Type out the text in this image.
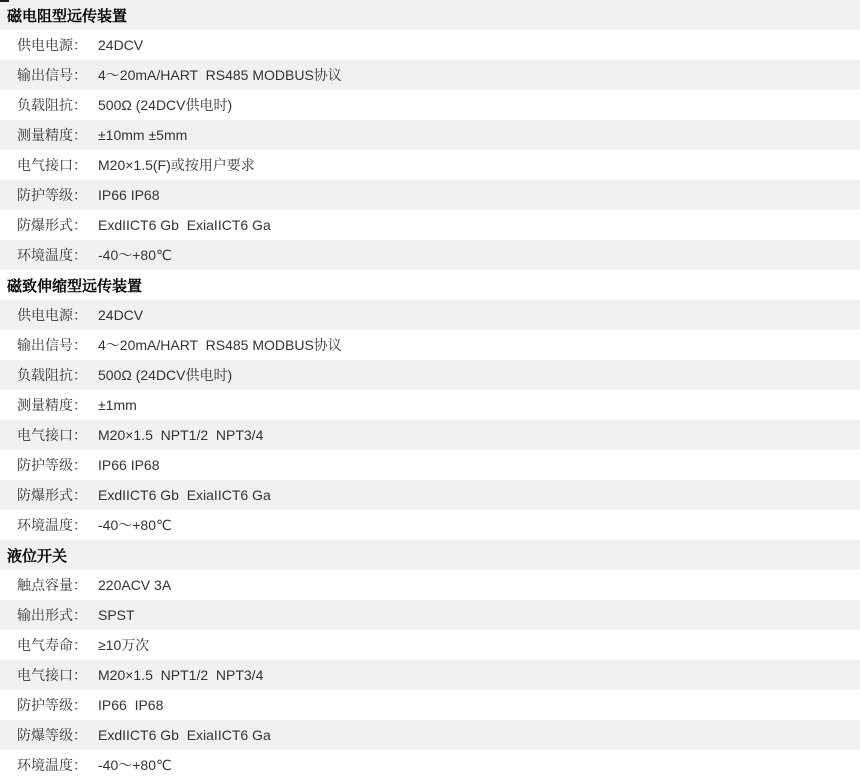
磁电阻型远传装置
供电电源： 24DCV
输出信号： 4～20mA/HART  RS485 MODBUS协议
负载阻抗： 500Ω (24DCV供电时)
测量精度： ±10mm ±5mm
电气接口： M20×1.5(F)或按用户要求
防护等级： IP66 IP68
防爆形式： ExdIICT6 Gb  ExiaIICT6 Ga
环境温度： -40～+80℃
磁致伸缩型远传装置
供电电源： 24DCV
输出信号： 4～20mA/HART  RS485 MODBUS协议
负载阻抗： 500Ω (24DCV供电时)
测量精度： ±1mm
电气接口： M20×1.5  NPT1/2  NPT3/4
防护等级： IP66 IP68
防爆形式： ExdIICT6 Gb  ExiaIICT6 Ga
环境温度： -40～+80℃
液位开关
触点容量： 220ACV 3A
输出形式： SPST
电气寿命： ≥10万次
电气接口： M20×1.5  NPT1/2  NPT3/4
防护等级： IP66  IP68
防爆等级： ExdIICT6 Gb  ExiaIICT6 Ga
环境温度： -40～+80℃
